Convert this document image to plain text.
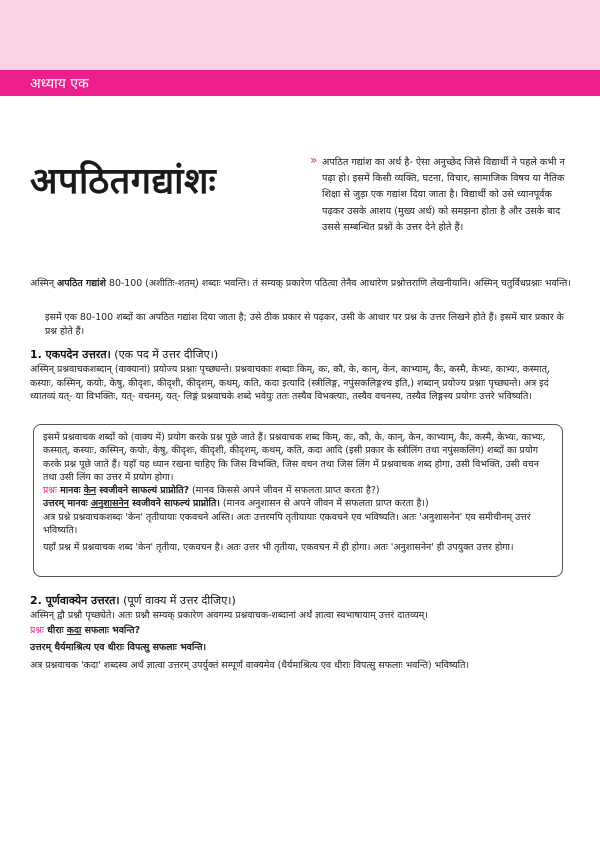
अध्याय एक
अपठितगद्यांशः
» अपठित गद्यांश का अर्थ है- ऐसा अनुच्छेद जिसे विद्यार्थी ने पहले कभी न पढ़ा हो। इसमें किसी व्यक्ति, घटना, विचार, सामाजिक विषय या नैतिक शिक्षा से जुड़ा एक गद्यांश दिया जाता है। विद्यार्थी को उसे ध्यानपूर्वक पढ़कर उसके आशय (मुख्य अर्थ) को समझना होता है और उसके बाद उससे सम्बन्धित प्रश्नों के उत्तर देने होते हैं।
अस्मिन् अपठित गद्यांशे 80-100 (अशीतिः-शतम्) शब्दाः भवन्ति। तं सम्यक् प्रकारेण पठित्वा तेनैव आधारेण प्रश्नोत्तराणि लेखनीयानि। अस्मिन् चतुर्विधप्रश्नाः भवन्ति।
इसमें एक 80-100 शब्दों का अपठित गद्यांश दिया जाता है; उसे ठीक प्रकार से पढ़कर, उसी के आधार पर प्रश्न के उत्तर लिखने होते हैं। इसमें चार प्रकार के प्रश्न होते हैं।
1. एकपदेन उत्तरत। (एक पद में उत्तर दीजिए।)
अस्मिन् प्रश्नवाचकशब्दान् (वाक्यानां) प्रयोज्य प्रश्नाः पृच्छ्यन्ते। प्रश्नवाचकाः शब्दाः किम्, कः, कौ, के, कान्, केन, काभ्याम्, कैः, कस्मै, केभ्यः, काभ्यः, कस्मात्, कस्याः, कस्मिन्, कयोः, केषु, कीदृशः, कीदृशी, कीदृशम्, कथम्, कति, कदा इत्यादि (स्त्रीलिङ्ग, नपुंसकलिङ्गश्च इति,) शब्दान् प्रयोज्य प्रश्नाः पृच्छ्यन्ते। अत्र इदं ध्यातव्यं यत्- या विभक्तिः, यत्- वचनम्, यत्- लिङ्गं प्रश्नवाचके शब्दे भवेयुः ततः तस्यैव विभक्त्याः, तस्यैव वचनस्य, तस्यैव लिङ्गस्य प्रयोगः उत्तरे भविष्यति।
इसमें प्रश्नवाचक शब्दों को (वाक्य में) प्रयोग करके प्रश्न पूछे जाते हैं। प्रश्नवाचक शब्द किम्, कः, कौ, के, कान्, केन, काभ्याम्, कैः, कस्मै, केभ्यः, काभ्यः, कस्मात्, कस्याः, कस्मिन्, कयोः, केषु, कीदृशः, कीदृशी, कीदृशम्, कथम्, कति, कदा आदि (इसी प्रकार के स्त्रीलिंग तथा नपुंसकलिंग) शब्दों का प्रयोग करके प्रश्न पूछे जाते हैं। यहाँ यह ध्यान रखना चाहिए कि जिस विभक्ति, जिस वचन तथा जिस लिंग में प्रश्नवाचक शब्द होगा, उसी विभक्ति, उसी वचन तथा उसी लिंग का उत्तर में प्रयोग होगा।
प्रश्नः मानवः केन स्वजीवने साफल्यं प्राप्नोति? (मानव किससे अपने जीवन में सफलता प्राप्त करता है?)
उत्तरम् मानवः अनुशासनेन स्वजीवने साफल्यं प्राप्नोति। (मानव अनुशासन से अपने जीवन में सफलता प्राप्त करता है।)
अत्र प्रश्ने प्रश्नवाचकशब्दः 'केन' तृतीयायाः एकवचने अस्ति। अतः उत्तरमपि तृतीयायाः एकवचने एव भविष्यति। अतः 'अनुशासनेन' एव समीचीनम् उत्तरं भविष्यति।
यहाँ प्रश्न में प्रश्नवाचक शब्द 'केन' तृतीया, एकवचन है। अतः उत्तर भी तृतीया, एकवचन में ही होगा। अतः 'अनुशासनेन' ही उपयुक्त उत्तर होगा।
2. पूर्णवाक्येन उत्तरत। (पूर्ण वाक्य में उत्तर दीजिए।)
अस्मिन् द्वौ प्रश्नौ पृच्छ्येते। अतः प्रश्नौ सम्यक् प्रकारेण अवगम्य प्रश्नवाचक-शब्दानां अर्थं ज्ञात्वा स्वभाषायाम् उत्तरं दातव्यम्।
प्रश्नः धीराः कदा सफलाः भवन्ति?
उत्तरम् धैर्यमाश्रित्य एव धीराः विपत्सु सफलाः भवन्ति।
अत्र प्रश्नवाचक 'कदा' शब्दस्य अर्थं ज्ञात्वा उत्तरम् उपर्युक्तं सम्पूर्णं वाक्यमेव (धैर्यमाश्रित्य एव धीराः विपत्सु सफलाः भवन्ति) भविष्यति।
